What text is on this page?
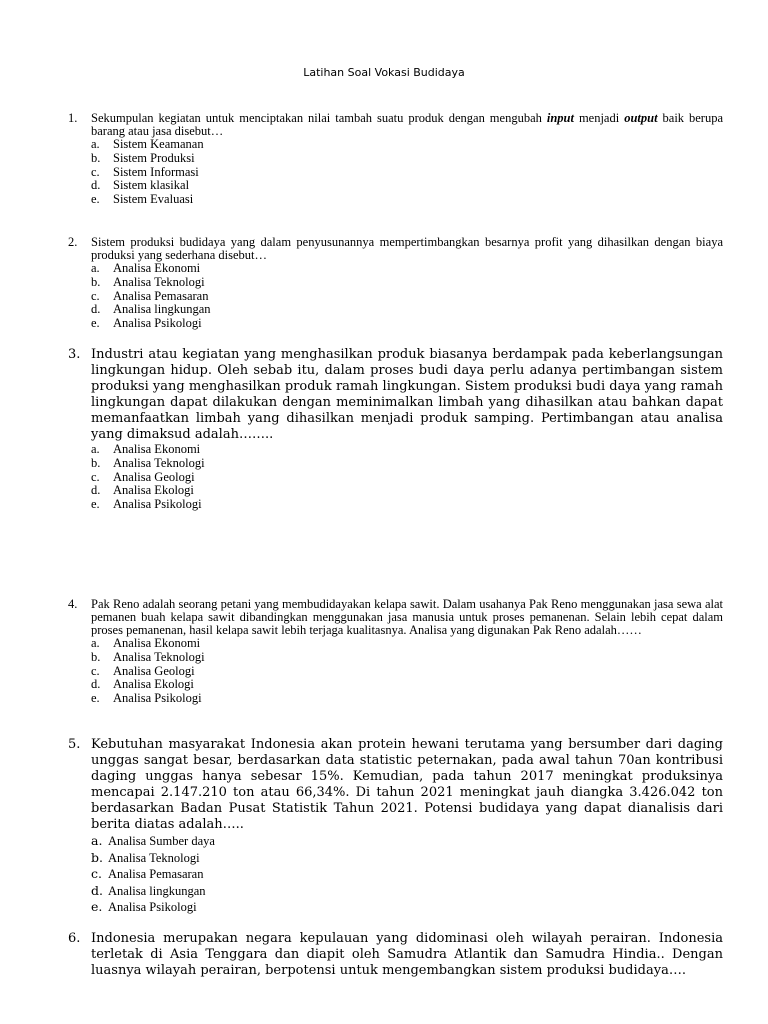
Latihan Soal Vokasi Budidaya
1. Sekumpulan kegiatan untuk menciptakan nilai tambah suatu produk dengan mengubah input menjadi output baik berupa barang atau jasa disebut…
a. Sistem Keamanan
b. Sistem Produksi
c. Sistem Informasi
d. Sistem klasikal
e. Sistem Evaluasi
2. Sistem produksi budidaya yang dalam penyusunannya mempertimbangkan besarnya profit yang dihasilkan dengan biaya produksi yang sederhana disebut…
a. Analisa Ekonomi
b. Analisa Teknologi
c. Analisa Pemasaran
d. Analisa lingkungan
e. Analisa Psikologi
3. Industri atau kegiatan yang menghasilkan produk biasanya berdampak pada keberlangsungan lingkungan hidup. Oleh sebab itu, dalam proses budi daya perlu adanya pertimbangan sistem produksi yang menghasilkan produk ramah lingkungan. Sistem produksi budi daya yang ramah lingkungan dapat dilakukan dengan meminimalkan limbah yang dihasilkan atau bahkan dapat memanfaatkan limbah yang dihasilkan menjadi produk samping. Pertimbangan atau analisa yang dimaksud adalah……..
a. Analisa Ekonomi
b. Analisa Teknologi
c. Analisa Geologi
d. Analisa Ekologi
e. Analisa Psikologi
4. Pak Reno adalah seorang petani yang membudidayakan kelapa sawit. Dalam usahanya Pak Reno menggunakan jasa sewa alat pemanen buah kelapa sawit dibandingkan menggunakan jasa manusia untuk proses pemanenan. Selain lebih cepat dalam proses pemanenan, hasil kelapa sawit lebih terjaga kualitasnya. Analisa yang digunakan Pak Reno adalah……
a. Analisa Ekonomi
b. Analisa Teknologi
c. Analisa Geologi
d. Analisa Ekologi
e. Analisa Psikologi
5. Kebutuhan masyarakat Indonesia akan protein hewani terutama yang bersumber dari daging unggas sangat besar, berdasarkan data statistic peternakan, pada awal tahun 70an kontribusi daging unggas hanya sebesar 15%. Kemudian, pada tahun 2017 meningkat produksinya mencapai 2.147.210 ton atau 66,34%. Di tahun 2021 meningkat jauh diangka 3.426.042 ton berdasarkan Badan Pusat Statistik Tahun 2021. Potensi budidaya yang dapat dianalisis dari berita diatas adalah…..
a. Analisa Sumber daya
b. Analisa Teknologi
c. Analisa Pemasaran
d. Analisa lingkungan
e. Analisa Psikologi
6. Indonesia merupakan negara kepulauan yang didominasi oleh wilayah perairan. Indonesia terletak di Asia Tenggara dan diapit oleh Samudra Atlantik dan Samudra Hindia.. Dengan luasnya wilayah perairan, berpotensi untuk mengembangkan sistem produksi budidaya….
